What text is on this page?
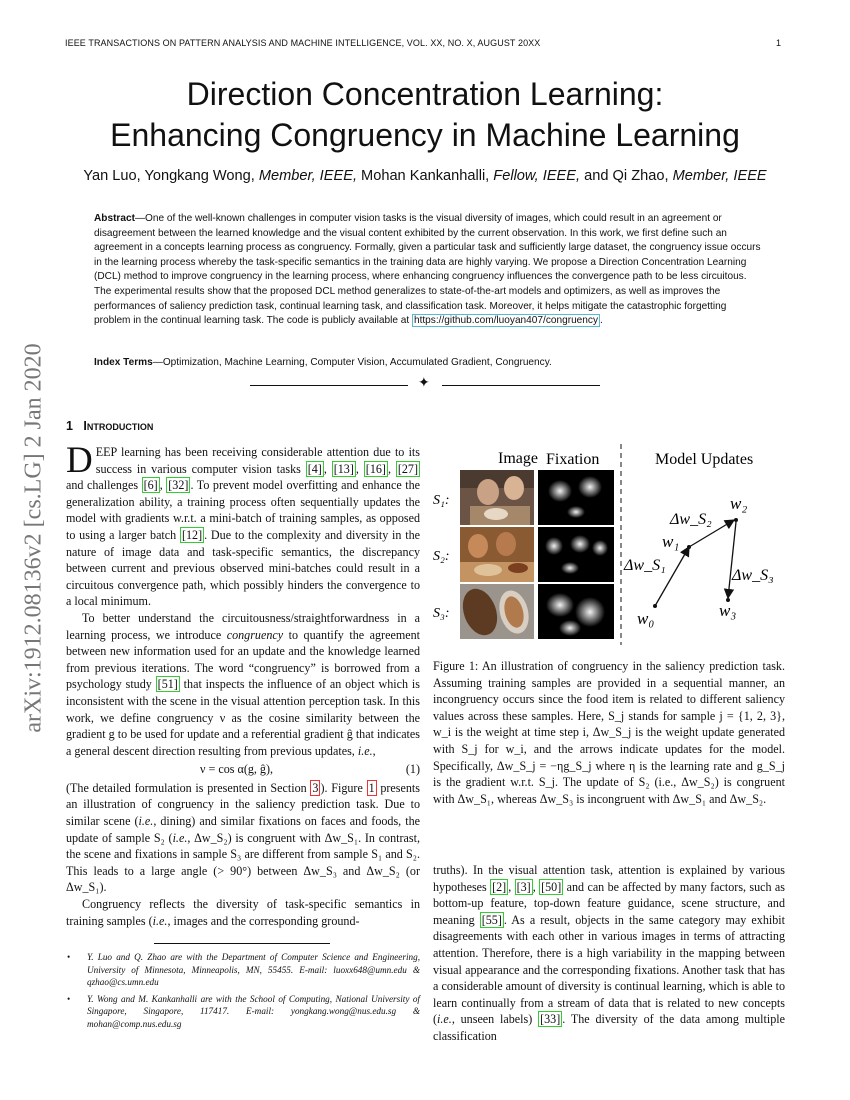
IEEE TRANSACTIONS ON PATTERN ANALYSIS AND MACHINE INTELLIGENCE, VOL. XX, NO. X, AUGUST 20XX	1
Direction Concentration Learning:
Enhancing Congruency in Machine Learning
Yan Luo, Yongkang Wong, Member, IEEE, Mohan Kankanhalli, Fellow, IEEE, and Qi Zhao, Member, IEEE
Abstract—One of the well-known challenges in computer vision tasks is the visual diversity of images, which could result in an agreement or disagreement between the learned knowledge and the visual content exhibited by the current observation. In this work, we first define such an agreement in a concepts learning process as congruency. Formally, given a particular task and sufficiently large dataset, the congruency issue occurs in the learning process whereby the task-specific semantics in the training data are highly varying. We propose a Direction Concentration Learning (DCL) method to improve congruency in the learning process, where enhancing congruency influences the convergence path to be less circuitous. The experimental results show that the proposed DCL method generalizes to state-of-the-art models and optimizers, as well as improves the performances of saliency prediction task, continual learning task, and classification task. Moreover, it helps mitigate the catastrophic forgetting problem in the continual learning task. The code is publicly available at https://github.com/luoyan407/congruency .
Index Terms—Optimization, Machine Learning, Computer Vision, Accumulated Gradient, Congruency.
✦
arXiv:1912.08136v2 [cs.LG] 2 Jan 2020 1 Introduction

DEEP learning has been receiving considerable attention due to its success in various computer vision tasks [4] , [13] , [16] , [27] and challenges [6] , [32] . To prevent model overfitting and enhance the generalization ability, a training process often sequentially updates the model with gradients w.r.t. a mini-batch of training samples, as opposed to using a larger batch [12] . Due to the complexity and diversity in the nature of image data and task-specific semantics, the discrepancy between current and previous observed mini-batches could result in a circuitous convergence path, which possibly hinders the convergence to a local minimum.

To better understand the circuitousness/straightforwardness in a learning process, we introduce congruency to quantify the agreement between new information used for an update and the knowledge learned from previous iterations. The word “congruency” is borrowed from a psychology study [51] that inspects the influence of an object which is inconsistent with the scene in the visual attention perception task. In this work, we define congruency ν as the cosine similarity between the gradient g to be used for update and a referential gradient ĝ that indicates a general descent direction resulting from previous updates, i.e.,

ν = cos α(g, ĝ),	(1)

(The detailed formulation is presented in Section 3 ). Figure 1 presents an illustration of congruency in the saliency prediction task. Due to similar scene (i.e., dining) and similar fixations on faces and foods, the update of sample S₂ (i.e., Δw_S₂) is congruent with Δw_S₁. In contrast, the scene and fixations in sample S₃ are different from sample S₁ and S₂. This leads to a large angle (> 90°) between Δw_S₃ and Δw_S₂ (or Δw_S₁).

Congruency reflects the diversity of task-specific semantics in training samples (i.e., images and the corresponding ground-

• Y. Luo and Q. Zhao are with the Department of Computer Science and Engineering, University of Minnesota, Minneapolis, MN, 55455. E-mail: luoxx648@umn.edu & qzhao@cs.umn.edu
• Y. Wong and M. Kankanhalli are with the School of Computing, National University of Singapore, Singapore, 117417. E-mail: yongkang.wong@nus.edu.sg & mohan@comp.nus.edu.sg
Image Fixation	Model Updates
S₁:
S₂:
S₃:	w₀
w₁
w₂
w₃
Δw_S₁
Δw_S₂
Δw_S₃
Figure 1: An illustration of congruency in the saliency prediction task. Assuming training samples are provided in a sequential manner, an incongruency occurs since the food item is related to different saliency values across these samples. Here, S_j stands for sample j = {1, 2, 3}, w_i is the weight at time step i, Δw_S_j is the weight update generated with S_j for w_i, and the arrows indicate updates for the model. Specifically, Δw_S_j = −ηg_S_j where η is the learning rate and g_S_j is the gradient w.r.t. S_j. The update of S₂ (i.e., Δw_S₂) is congruent with Δw_S₁, whereas Δw_S₃ is incongruent with Δw_S₁ and Δw_S₂.
truths). In the visual attention task, attention is explained by various hypotheses [2] , [3] , [50] and can be affected by many factors, such as bottom-up feature, top-down feature guidance, scene structure, and meaning [55] . As a result, objects in the same category may exhibit disagreements with each other in various images in terms of attracting attention. Therefore, there is a high variability in the mapping between visual appearance and the corresponding fixations. Another task that has a considerable amount of diversity is continual learning, which is able to learn continually from a stream of data that is related to new concepts (i.e., unseen labels) [33] . The diversity of the data among multiple classification
